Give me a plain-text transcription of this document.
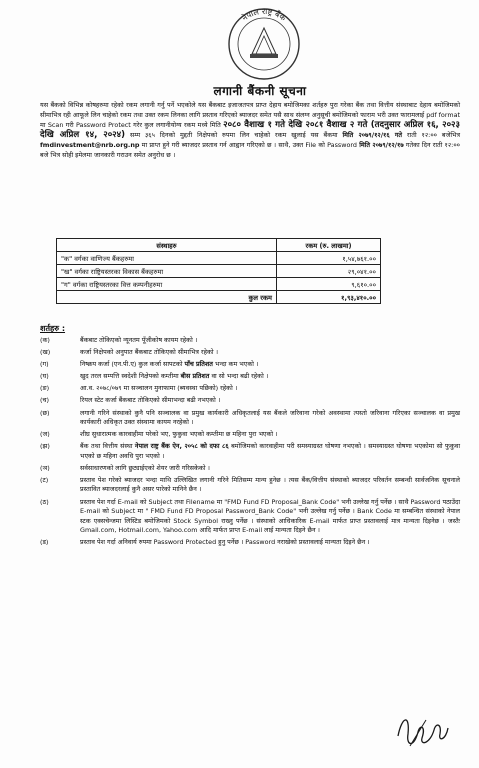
नेपाल राष्ट्र बैंक
लगानी बैंकनी सूचना
यस बैंकको विभिन्न कोषहरुमा रहेको रकम लगानी गर्नु पर्ने भएकोले यस बैंकबाट इजाजतपत्र प्राप्त देहाय बमोजिमका शर्तहरु पुरा गरेका बैंक तथा वित्तीय संस्थाबाट देहाय बमोजिमको सीमाभित्र रही आफूले लिन चाहेको रकम तथा उक्त रकम लिनका लागि प्रस्ताव गरिएको ब्याजदर समेत यसै साथ संलग्न अनुसूची बमोजिमको फाराम भरी उक्त फारामलाई pdf format मा Scan गरी Password Protect गरेर कुल लगानीयोग्य रकम मध्ये मिति २०८० वैशाख १ गते देखि २०८१ वैशाख २ गते (तदनुसार अप्रिल १६, २०२३ देखि अप्रिल १४, २०२४) सम्म ३६५ दिनको मुद्दती निक्षेपको रुपमा लिन चाहेको रकम खुलाई यस बैंकमा मिति २०७९/१२/१६ गते राती १२:०० बजेभित्र fmdinvestment@nrb.org.np मा प्राप्त हुने गरी ब्याजदर प्रस्ताव गर्न आह्वान गरिएको छ । साथै, उक्त File को Password मिति २०७९/१२/१७ गतेका दिन राती १२:०० बजे भित्र सोही इमेलमा जानकारी गराउन समेत अनुरोध छ ।
संस्थाहरु	रकम (रु. लाखमा)
"क" वर्गका वाणिज्य बैंकहरुमा	१,५४,७६१.००
"ख" वर्गका राष्ट्रियस्तरका विकास बैंकहरुमा	२९,०४१.००
"ग" वर्गका राष्ट्रियस्तरका वित्त कम्पनीहरुमा	९,६१०.००
कुल रकम	१,९३,४१०.००
शर्तहरु :
(क)	बैंकबाट तोकिएको न्यूनतम पूँजीकोष कायम रहेको ।
(ख)	कर्जा निक्षेपको अनुपात बैंकबाट तोकिएको सीमाभित्र रहेको ।
(ग)	निष्क्रय कर्जा (एन.पी.ए) कुल कर्जा सापटको पाँच प्रतिशत भन्दा कम भएको ।
(घ)	खुद तरल सम्पत्ति स्वदेशी निक्षेपको कम्तीमा बीस प्रतिशत वा सो भन्दा बढी रहेको ।
(ङ)	आ.व. २०७८/०७९ मा सञ्चालन मुनाफामा (ब्यवस्था पछिको) रहेको ।
(च)	रियल स्टेट कर्जा बैंकबाट तोकिएको सीमाभन्दा बढी नभएको ।
(छ)	लगानी गरिने संस्थाको कुनै पनि सञ्चालक वा प्रमुख कार्यकारी अधिकृतलाई यस बैंकले जरिवाना गरेको अवस्थामा त्यस्तो जरिवाना गरिएका सञ्चालक वा प्रमुख कार्यकारी अधिकृत उक्त संस्थामा कायम नरहेको ।
(ज)	शीघ्र सुधारात्मक कारवाहीमा परेको भए, फुकुवा भएको कम्तीमा छ महिना पुरा भएको ।
(झ)	बैंक तथा वित्तीय संस्था नेपाल राष्ट्र बैंक ऐन, २०५८ को दफा ८६ बमोजिमको कारवाहीमा परी समस्याग्रस्त घोषणा नभएको । समस्याग्रस्त घोषणा भएकोमा सो फुकुवा भएको छ महिना अवधि पुरा भएको ।
(ञ)	सर्वसाधारणको लागि छुट्याईएको शेयर जारी गरिसकेको ।
(ट)	प्रस्ताव पेश गरेको ब्याजदर भन्दा माथि उल्लिखित लगानी गरिने मितिसम्म मान्य हुनेछ । त्यस बैंक/वित्तीय संस्थाको ब्याजदर परिवर्तन सम्बन्धी सार्वजनिक सूचनाले प्रस्तावित ब्याजदरलाई कुनै असर पारेको मानिने छैन ।
(ठ)	प्रस्ताव पेश गर्दा E-mail को Subject तथा Filename मा "FMD Fund FD Proposal_Bank Code" भनी उल्लेख गर्नु पर्नेछ । साथै Password पठाउँदा E-mail को Subject मा " FMD Fund FD Proposal Password_Bank Code" भनी उल्लेख गर्नु पर्नेछ । Bank Code मा सम्बन्धित संस्थाको नेपाल स्टक एक्सचेन्जमा लिस्टिड बमोजिमको Stock Symbol राख्नु पर्नेछ । संस्थाको आधिकारिक E-mail मार्फत प्राप्त प्रस्तावलाई मात्र मान्यता दिइनेछ । जस्तैः Gmail.com, Hotmail.com, Yahoo.com आदि मार्फत प्राप्त E-mail लाई मान्यता दिइने छैन ।
(ड)	प्रस्ताव पेश गर्दा अनिवार्य रुपमा Password Protected हुनु पर्नेछ । Password नराखेको प्रस्तावलाई मान्यता दिइने छैन ।
